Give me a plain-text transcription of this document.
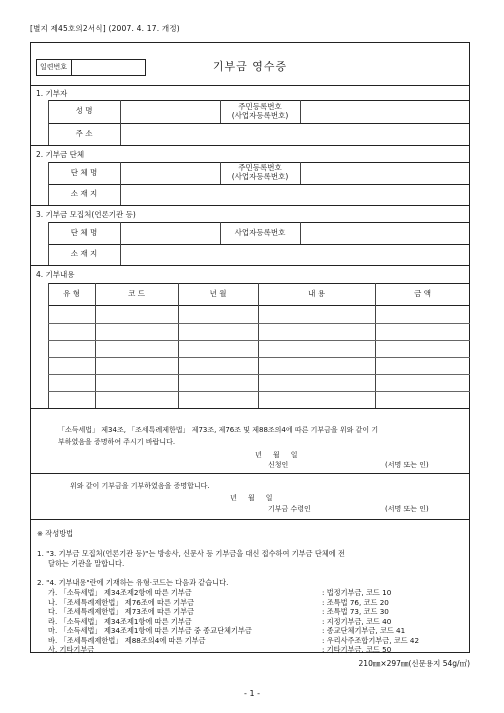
[별지 제45호의2서식] (2007. 4. 17. 개정)
일련번호	기부금 영수증
1. 기부자
성 명	주민등록번호
(사업자등록번호)
주 소
2. 기부금 단체
단 체 명	주민등록번호
(사업자등록번호)
소 재 지
3. 기부금 모집처(언론기관 등)
단 체 명	사업자등록번호
소 재 지
4. 기부내용
유 형	코 드	년 월	내 용	금 액
「소득세법」 제34조, 「조세특례제한법」 제73조, 제76조 및 제88조의4에 따른 기부금을 위와 같이 기
부하였음을 증명하여 주시기 바랍니다.
년     월     일
신청인	(서명 또는 인)
위와 같이 기부금을 기부하였음을 증명합니다.
년     월     일
기부금 수령인	(서명 또는 인)
※ 작성방법
1. "3. 기부금 모집처(언론기관 등)"는 방송사, 신문사 등 기부금을 대신 접수하여 기부금 단체에 전
달하는 기관을 말합니다.
2. "4. 기부내용"란에 기재하는 유형·코드는 다음과 같습니다.
가. 「소득세법」 제34조제2항에 따른 기부금	: 법정기부금, 코드 10
나. 「조세특례제한법」 제76조에 따른 기부금	: 조특법 76, 코드 20
다. 「조세특례제한법」 제73조에 따른 기부금	: 조특법 73, 코드 30
라. 「소득세법」 제34조제1항에 따른 기부금	: 지정기부금, 코드 40
마. 「소득세법」 제34조제1항에 따른 기부금 중 종교단체기부금	: 종교단체기부금, 코드 41
바. 「조세특례제한법」 제88조의4에 따른 기부금	: 우리사주조합기부금, 코드 42
사. 기타기부금	: 기타기부금, 코드 50
210㎜×297㎜(신문용지 54g/㎡)
- 1 -
